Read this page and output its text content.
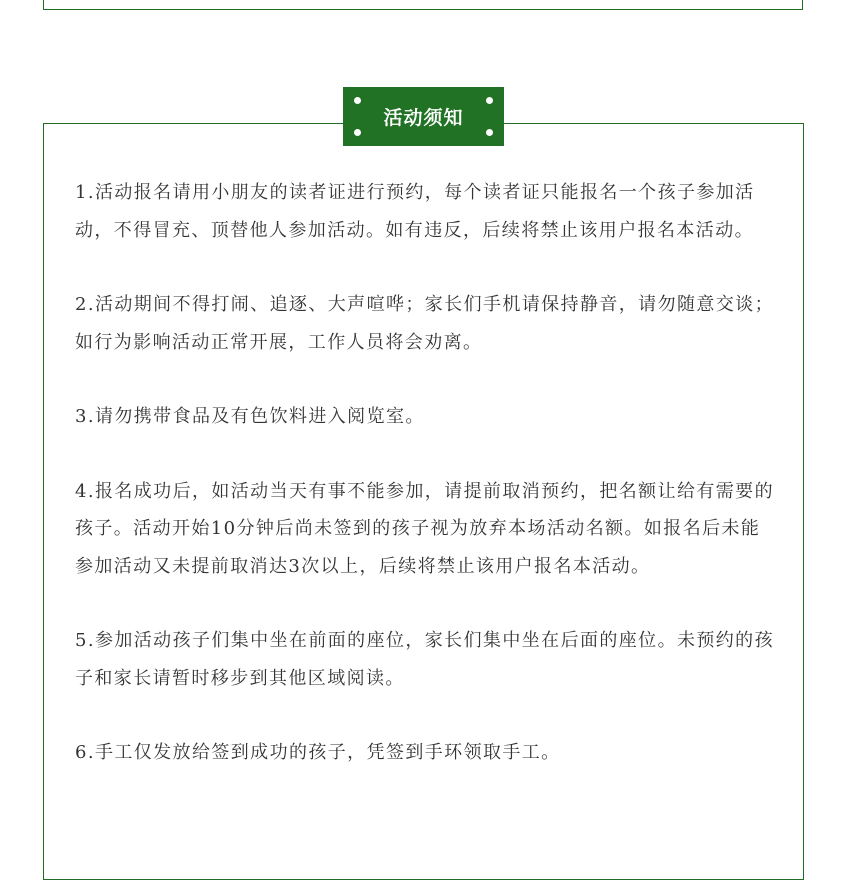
活动须知

1.活动报名请用小朋友的读者证进行预约，每个读者证只能报名一个孩子参加活动，不得冒充、顶替他人参加活动。如有违反，后续将禁止该用户报名本活动。

2.活动期间不得打闹、追逐、大声喧哗；家长们手机请保持静音，请勿随意交谈；如行为影响活动正常开展，工作人员将会劝离。

3.请勿携带食品及有色饮料进入阅览室。

4.报名成功后，如活动当天有事不能参加，请提前取消预约，把名额让给有需要的孩子。活动开始10分钟后尚未签到的孩子视为放弃本场活动名额。如报名后未能参加活动又未提前取消达3次以上，后续将禁止该用户报名本活动。

5.参加活动孩子们集中坐在前面的座位，家长们集中坐在后面的座位。未预约的孩子和家长请暂时移步到其他区域阅读。

6.手工仅发放给签到成功的孩子，凭签到手环领取手工。
